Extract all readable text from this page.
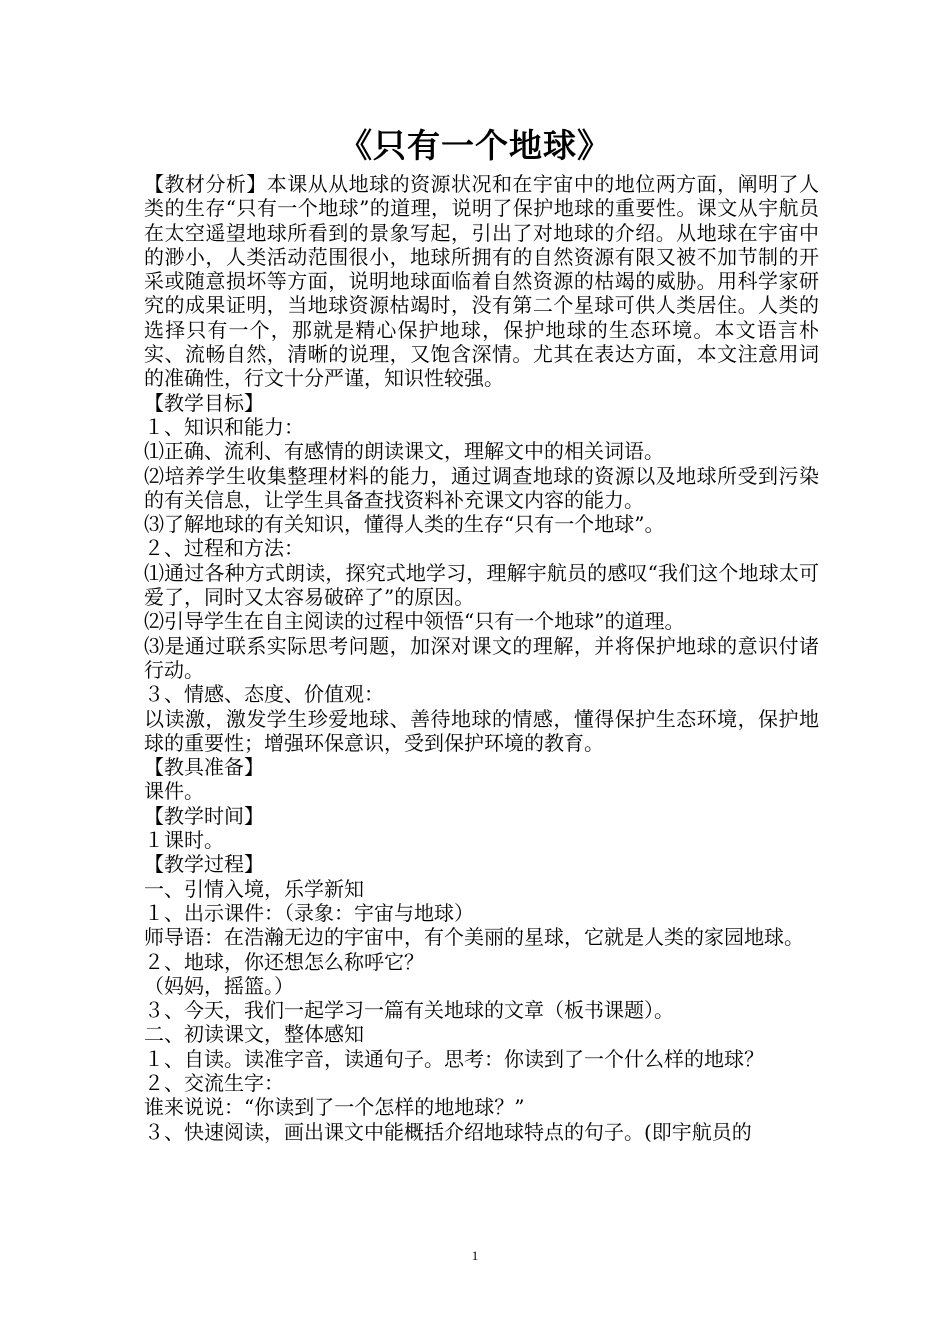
《只有一个地球》

【教材分析】本课从从地球的资源状况和在宇宙中的地位两方面，阐明了人类的生存“只有一个地球”的道理，说明了保护地球的重要性。课文从宇航员在太空遥望地球所看到的景象写起，引出了对地球的介绍。从地球在宇宙中的渺小，人类活动范围很小，地球所拥有的自然资源有限又被不加节制的开采或随意损坏等方面，说明地球面临着自然资源的枯竭的威胁。用科学家研究的成果证明，当地球资源枯竭时，没有第二个星球可供人类居住。人类的选择只有一个，那就是精心保护地球，保护地球的生态环境。本文语言朴实、流畅自然，清晰的说理，又饱含深情。尤其在表达方面，本文注意用词的准确性，行文十分严谨，知识性较强。

【教学目标】

１、知识和能力：

⑴正确、流利、有感情的朗读课文，理解文中的相关词语。

⑵培养学生收集整理材料的能力，通过调查地球的资源以及地球所受到污染的有关信息，让学生具备查找资料补充课文内容的能力。

⑶了解地球的有关知识，懂得人类的生存“只有一个地球”。

２、过程和方法：

⑴通过各种方式朗读，探究式地学习，理解宇航员的感叹“我们这个地球太可爱了，同时又太容易破碎了”的原因。

⑵引导学生在自主阅读的过程中领悟“只有一个地球”的道理。

⑶是通过联系实际思考问题，加深对课文的理解，并将保护地球的意识付诸行动。

３、情感、态度、价值观：

以读激，激发学生珍爱地球、善待地球的情感，懂得保护生态环境，保护地球的重要性；增强环保意识，受到保护环境的教育。

【教具准备】

课件。

【教学时间】

１课时。

【教学过程】

一、引情入境，乐学新知

１、出示课件：（录象：宇宙与地球）

师导语：在浩瀚无边的宇宙中，有个美丽的星球，它就是人类的家园地球。

２、地球，你还想怎么称呼它？

（妈妈，摇篮。）

３、今天，我们一起学习一篇有关地球的文章（板书课题）。

二、初读课文，整体感知

１、自读。读准字音，读通句子。思考：你读到了一个什么样的地球？

２、交流生字：

谁来说说：“你读到了一个怎样的地地球？”

３、快速阅读，画出课文中能概括介绍地球特点的句子。(即宇航员的

1
